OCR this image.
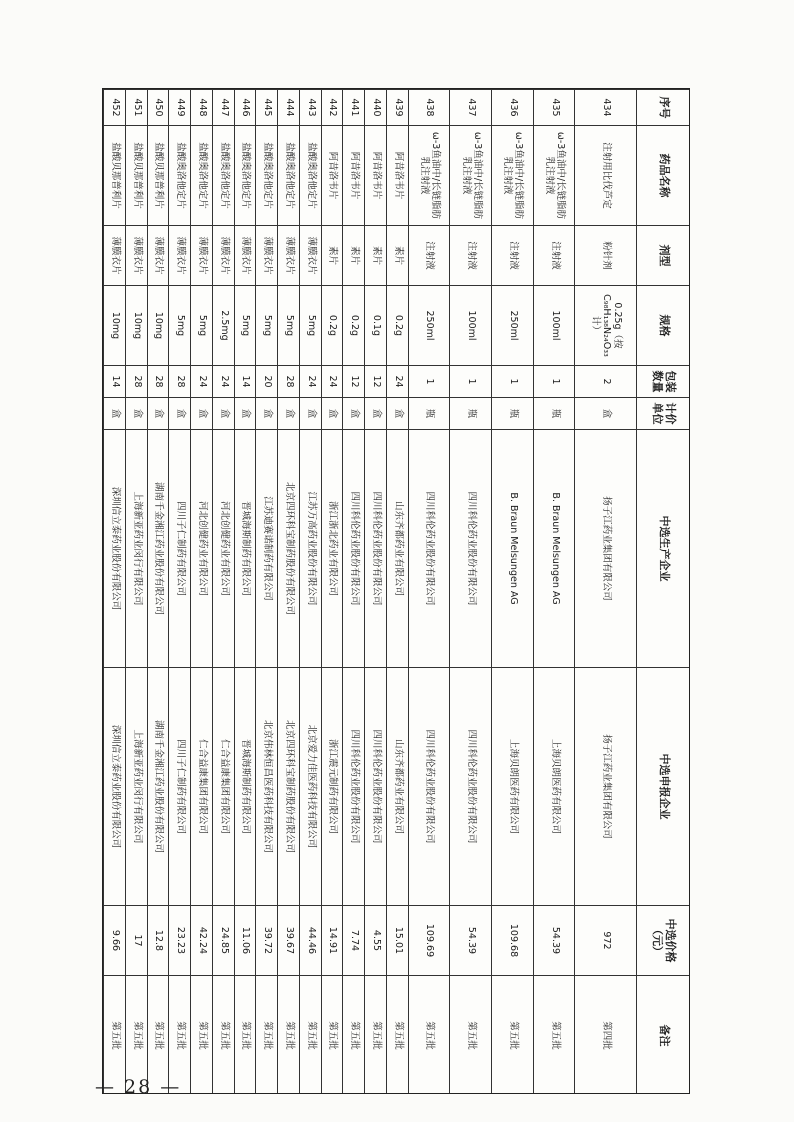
序号	药品名称	剂型	规格	包装数量	计价单位	中选生产企业	中选申报企业	中选价格（元）	备注
434	注射用比伐芦定	粉针剂	0.25g（按C₉₈H₁₃₈N₂₄O₃₃计）	2	盒	扬子江药业集团有限公司	扬子江药业集团有限公司	972	第四批
435	ω-3鱼油中/长链脂肪乳注射液	注射液	100ml	1	瓶	B. Braun Melsungen AG	上海贝朗医药有限公司	54.39	第五批
436	ω-3鱼油中/长链脂肪乳注射液	注射液	250ml	1	瓶	B. Braun Melsungen AG	上海贝朗医药有限公司	109.68	第五批
437	ω-3鱼油中/长链脂肪乳注射液	注射液	100ml	1	瓶	四川科伦药业股份有限公司	四川科伦药业股份有限公司	54.39	第五批
438	ω-3鱼油中/长链脂肪乳注射液	注射液	250ml	1	瓶	四川科伦药业股份有限公司	四川科伦药业股份有限公司	109.69	第五批
439	阿昔洛韦片	素片	0.2g	24	盒	山东齐都药业有限公司	山东齐都药业有限公司	15.01	第五批
440	阿昔洛韦片	素片	0.1g	12	盒	四川科伦药业股份有限公司	四川科伦药业股份有限公司	4.55	第五批
441	阿昔洛韦片	素片	0.2g	12	盒	四川科伦药业股份有限公司	四川科伦药业股份有限公司	7.74	第五批
442	阿昔洛韦片	素片	0.2g	24	盒	浙江浙北药业有限公司	浙江震元制药有限公司	14.91	第五批
443	盐酸奥洛他定片	薄膜衣片	5mg	24	盒	江苏万高药业股份有限公司	北京爱力佳医药科技有限公司	44.46	第五批
444	盐酸奥洛他定片	薄膜衣片	5mg	28	盒	北京四环科宝制药股份有限公司	北京四环科宝制药股份有限公司	39.67	第五批
445	盐酸奥洛他定片	薄膜衣片	5mg	20	盒	江苏迪赛诺制药有限公司	北京伟林恒昌医药科技有限公司	39.72	第五批
446	盐酸奥洛他定片	薄膜衣片	5mg	14	盒	晋城海斯制药有限公司	晋城海斯制药有限公司	11.06	第五批
447	盐酸奥洛他定片	薄膜衣片	2.5mg	24	盒	河北创健药业有限公司	仁合益康集团有限公司	24.85	第五批
448	盐酸奥洛他定片	薄膜衣片	5mg	24	盒	河北创健药业有限公司	仁合益康集团有限公司	42.24	第五批
449	盐酸奥洛他定片	薄膜衣片	5mg	28	盒	四川子仁制药有限公司	四川子仁制药有限公司	23.23	第五批
450	盐酸贝那普利片	薄膜衣片	10mg	28	盒	湖南千金湘江药业股份有限公司	湖南千金湘江药业股份有限公司	12.8	第五批
451	盐酸贝那普利片	薄膜衣片	10mg	28	盒	上海新亚药业闵行有限公司	上海新亚药业闵行有限公司	17	第五批
452	盐酸贝那普利片	薄膜衣片	10mg	14	盒	深圳信立泰药业股份有限公司	深圳信立泰药业股份有限公司	9.66	第五批
— 28 —
